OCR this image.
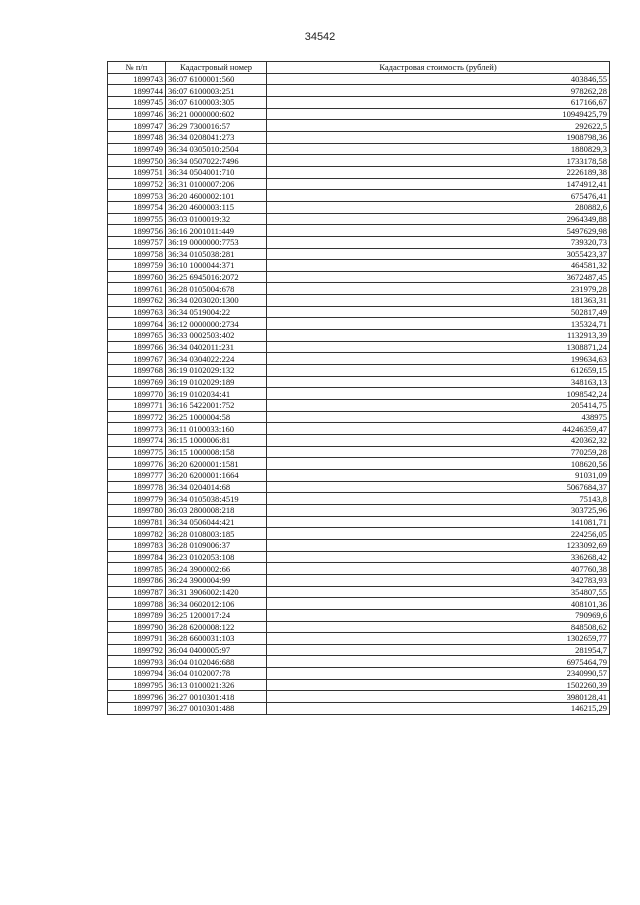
34542
№ п/п	Кадастровый номер	Кадастровая стоимость (рублей)
1899743	36:07 6100001:560	403846,55
1899744	36:07 6100003:251	978262,28
1899745	36:07 6100003:305	617166,67
1899746	36:21 0000000:602	10949425,79
1899747	36:29 7300016:57	292622,5
1899748	36:34 0208041:273	1908798,36
1899749	36:34 0305010:2504	1880829,3
1899750	36:34 0507022:7496	1733178,58
1899751	36:34 0504001:710	2226189,38
1899752	36:31 0100007:206	1474912,41
1899753	36:20 4600002:101	675476,41
1899754	36:20 4600003:115	280882,6
1899755	36:03 0100019:32	2964349,88
1899756	36:16 2001011:449	5497629,98
1899757	36:19 0000000:7753	739320,73
1899758	36:34 0105038:281	3055423,37
1899759	36:10 1000044:371	464581,32
1899760	36:25 6945016:2072	3672487,45
1899761	36:28 0105004:678	231979,28
1899762	36:34 0203020:1300	181363,31
1899763	36:34 0519004:22	502817,49
1899764	36:12 0000000:2734	135324,71
1899765	36:33 0002503:402	1132913,39
1899766	36:34 0402011:231	1308871,24
1899767	36:34 0304022:224	199634,63
1899768	36:19 0102029:132	612659,15
1899769	36:19 0102029:189	348163,13
1899770	36:19 0102034:41	1098542,24
1899771	36:16 5422001:752	205414,75
1899772	36:25 1000004:58	438975
1899773	36:11 0100033:160	44246359,47
1899774	36:15 1000006:81	420362,32
1899775	36:15 1000008:158	770259,28
1899776	36:20 6200001:1581	108620,56
1899777	36:20 6200001:1664	91031,09
1899778	36:34 0204014:68	5067684,37
1899779	36:34 0105038:4519	75143,8
1899780	36:03 2800008:218	303725,96
1899781	36:34 0506044:421	141081,71
1899782	36:28 0108003:185	224256,05
1899783	36:28 0109006:37	1233092,69
1899784	36:23 0102053:108	336268,42
1899785	36:24 3900002:66	407760,38
1899786	36:24 3900004:99	342783,93
1899787	36:31 3906002:1420	354807,55
1899788	36:34 0602012:106	408101,36
1899789	36:25 1200017:24	790969,6
1899790	36:28 6200008:122	848508,62
1899791	36:28 6600031:103	1302659,77
1899792	36:04 0400005:97	281954,7
1899793	36:04 0102046:688	6975464,79
1899794	36:04 0102007:78	2340990,57
1899795	36:13 0100021:326	1502260,39
1899796	36:27 0010301:418	3980128,41
1899797	36:27 0010301:488	146215,29
